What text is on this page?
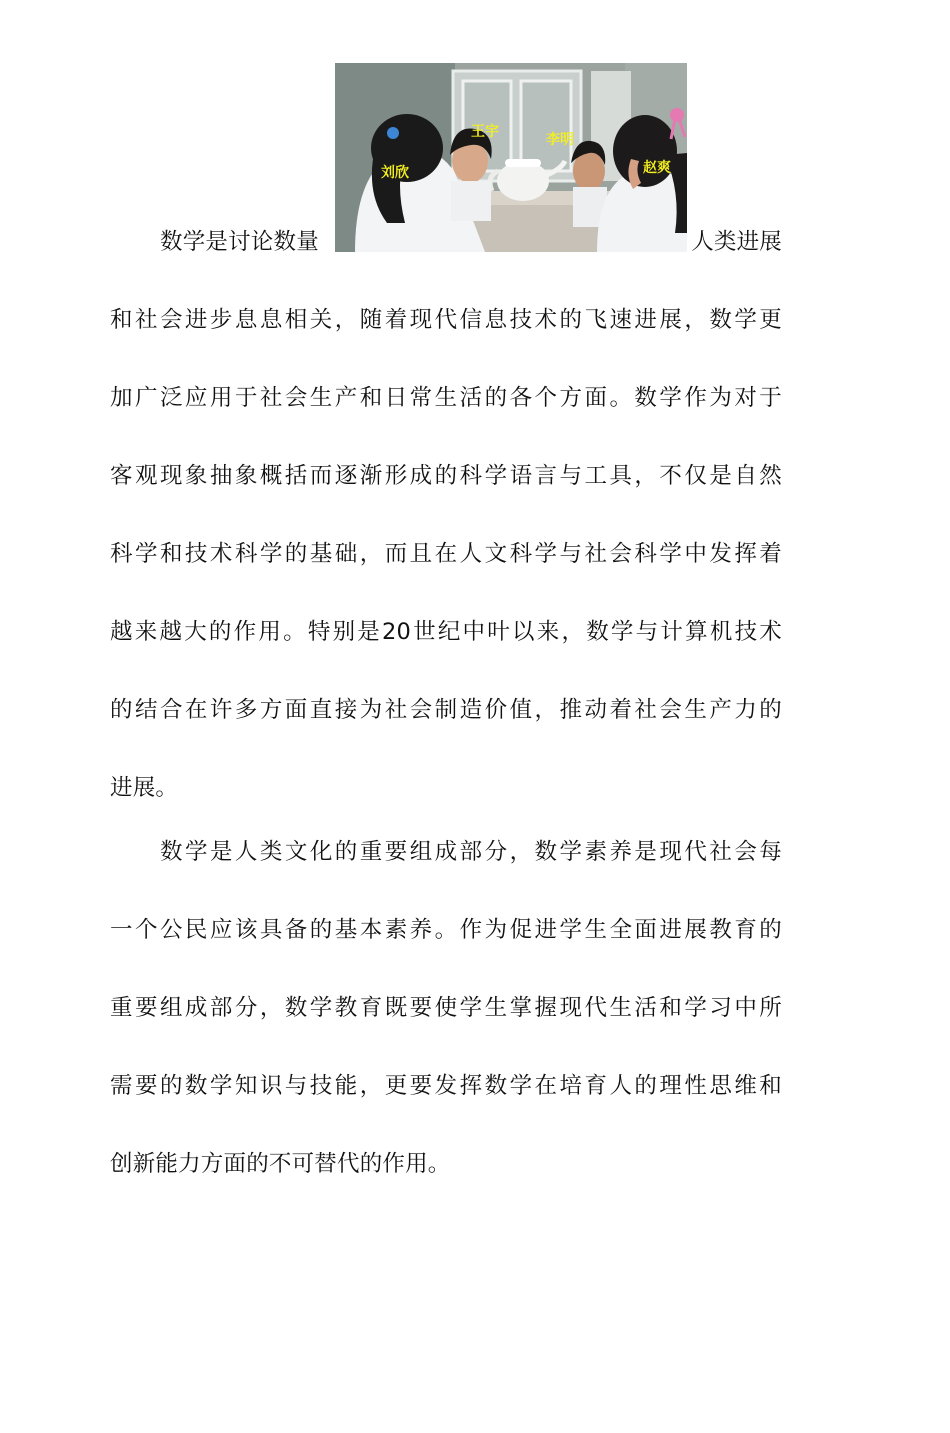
王宇	李明
刘欣	赵爽
数学是讨论数量	人类进展
和社会进步息息相关，随着现代信息技术的飞速进展，数学更
加广泛应用于社会生产和日常生活的各个方面。数学作为对于
客观现象抽象概括而逐渐形成的科学语言与工具，不仅是自然
科学和技术科学的基础，而且在人文科学与社会科学中发挥着
越来越大的作用。特别是20世纪中叶以来，数学与计算机技术
的结合在许多方面直接为社会制造价值，推动着社会生产力的
进展。
数学是人类文化的重要组成部分，数学素养是现代社会每
一个公民应该具备的基本素养。作为促进学生全面进展教育的
重要组成部分，数学教育既要使学生掌握现代生活和学习中所
需要的数学知识与技能，更要发挥数学在培育人的理性思维和
创新能力方面的不可替代的作用。
